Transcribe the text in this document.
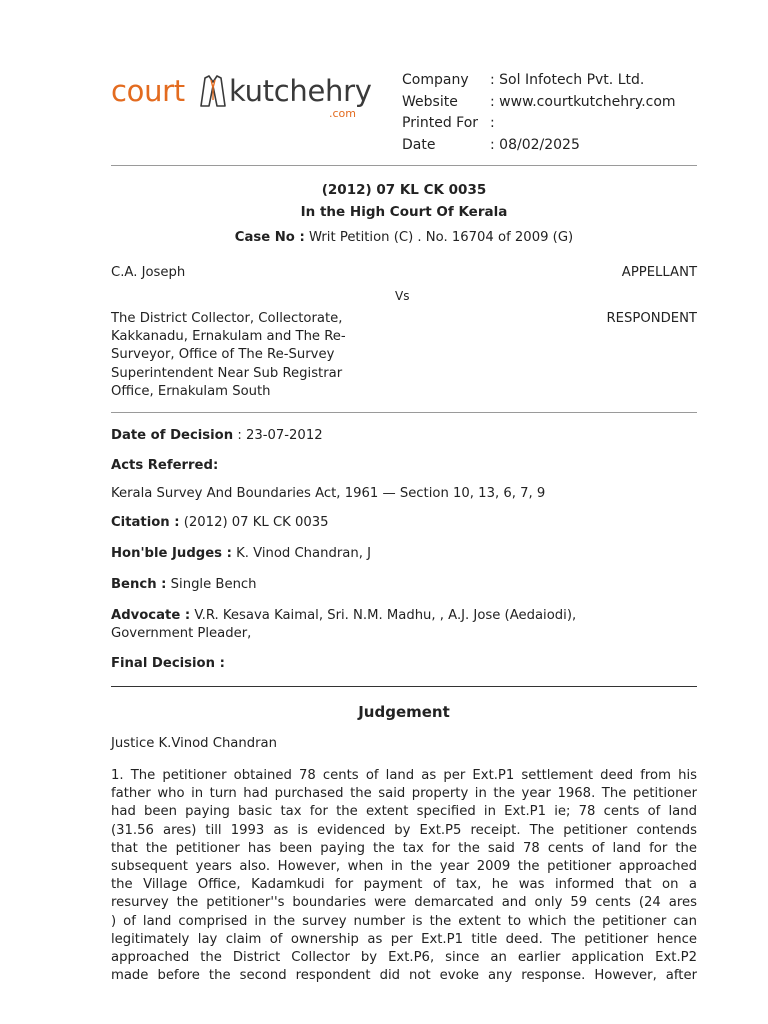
court kutchehry
.com
Company : Sol Infotech Pvt. Ltd.
Website : www.courtkutchehry.com
Printed For :
Date	: 08/02/2025
(2012) 07 KL CK 0035
In the High Court Of Kerala
Case No : Writ Petition (C) . No. 16704 of 2009 (G)
C.A. Joseph	APPELLANT
Vs
The District Collector, Collectorate,
Kakkanadu, Ernakulam and The Re-
Surveyor, Office of The Re-Survey
Superintendent Near Sub Registrar
Office, Ernakulam South
RESPONDENT
Date of Decision : 23-07-2012
Acts Referred:
Kerala Survey And Boundaries Act, 1961 — Section 10, 13, 6, 7, 9
Citation : (2012) 07 KL CK 0035
Hon'ble Judges : K. Vinod Chandran, J
Bench : Single Bench
Advocate : V.R. Kesava Kaimal, Sri. N.M. Madhu, , A.J. Jose (Aedaiodi),
Government Pleader,
Final Decision :
Judgement
Justice K.Vinod Chandran
1. The petitioner obtained 78 cents of land as per Ext.P1 settlement deed from his
father who in turn had purchased the said property in the year 1968. The petitioner
had been paying basic tax for the extent specified in Ext.P1 ie; 78 cents of land
(31.56 ares) till 1993 as is evidenced by Ext.P5 receipt. The petitioner contends
that the petitioner has been paying the tax for the said 78 cents of land for the
subsequent years also. However, when in the year 2009 the petitioner approached
the Village Office, Kadamkudi for payment of tax, he was informed that on a
resurvey the petitioner''s boundaries were demarcated and only 59 cents (24 ares
) of land comprised in the survey number is the extent to which the petitioner can
legitimately lay claim of ownership as per Ext.P1 title deed. The petitioner hence
approached the District Collector by Ext.P6, since an earlier application Ext.P2
made before the second respondent did not evoke any response. However, after
